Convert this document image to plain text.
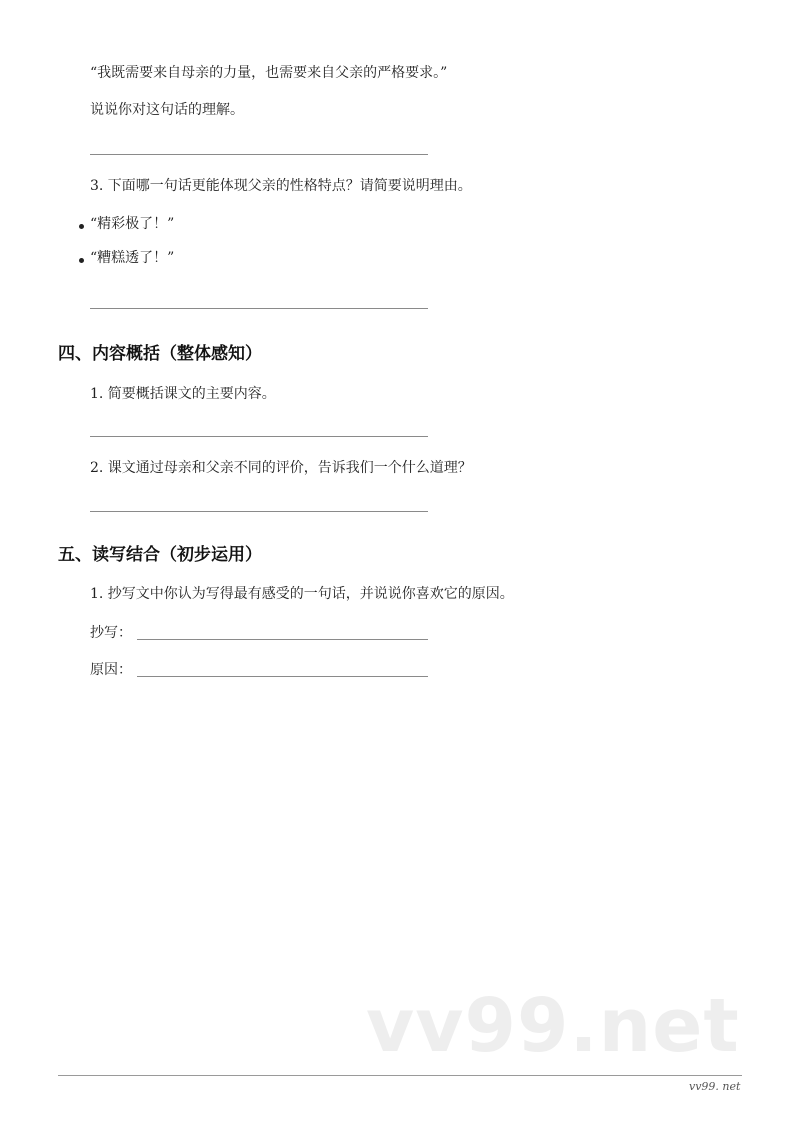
“我既需要来自母亲的力量，也需要来自父亲的严格要求。”
说说你对这句话的理解。
3. 下面哪一句话更能体现父亲的性格特点？请简要说明理由。
“精彩极了！”
“糟糕透了！”
四、内容概括（整体感知）
1. 简要概括课文的主要内容。
2. 课文通过母亲和父亲不同的评价，告诉我们一个什么道理？
五、读写结合（初步运用）
1. 抄写文中你认为写得最有感受的一句话，并说说你喜欢它的原因。
抄写：
原因：
vv99.net
vv99. net
